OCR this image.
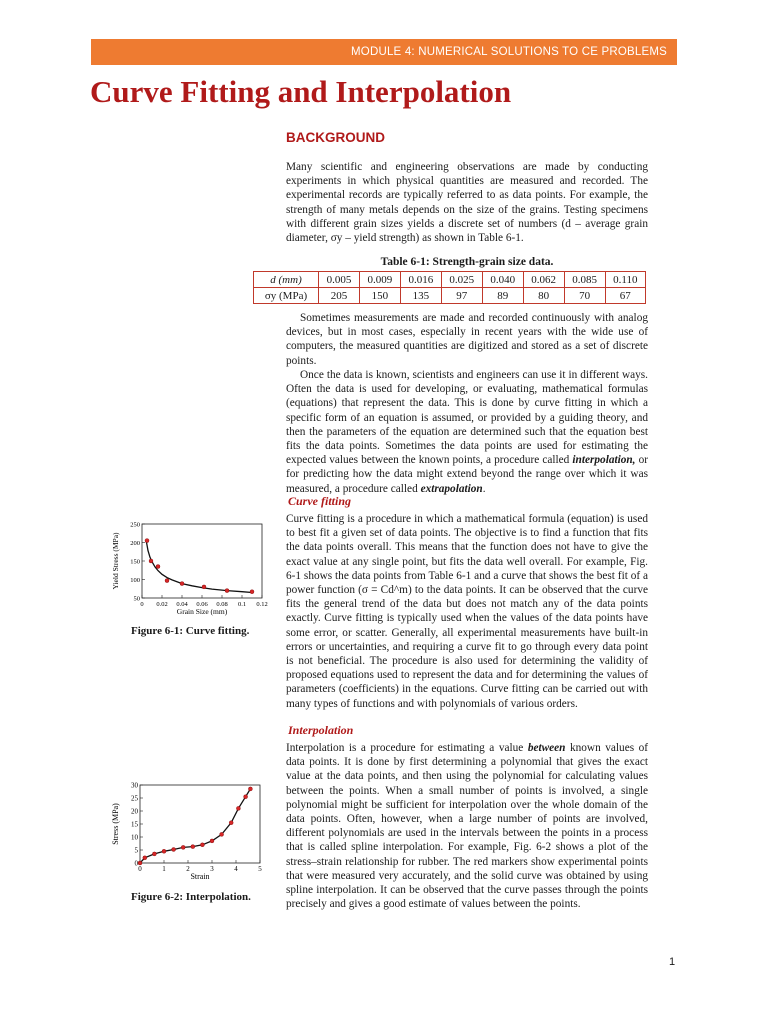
MODULE 4: NUMERICAL SOLUTIONS TO CE PROBLEMS
Curve Fitting and Interpolation
BACKGROUND

Many scientific and engineering observations are made by conducting experiments in which physical quantities are measured and recorded. The experimental records are typically referred to as data points. For example, the strength of many metals depends on the size of the grains. Testing specimens with different grain sizes yields a discrete set of numbers (d – average grain diameter, σy – yield strength) as shown in Table 6-1.

Table 6-1: Strength-grain size data.

d (mm)	0.005	0.009	0.016	0.025	0.040	0.062	0.085	0.110
σy (MPa)	205	150	135	97	89	80	70	67

Sometimes measurements are made and recorded continuously with analog devices, but in most cases, especially in recent years with the wide use of computers, the measured quantities are digitized and stored as a set of discrete points.

Once the data is known, scientists and engineers can use it in different ways. Often the data is used for developing, or evaluating, mathematical formulas (equations) that represent the data. This is done by curve fitting in which a specific form of an equation is assumed, or provided by a guiding theory, and then the parameters of the equation are determined such that the equation best fits the data points. Sometimes the data points are used for estimating the expected values between the known points, a procedure called interpolation, or for predicting how the data might extend beyond the range over which it was measured, a procedure called extrapolation.

Curve fitting

Curve fitting is a procedure in which a mathematical formula (equation) is used to best fit a given set of data points. The objective is to find a function that fits the data points overall. This means that the function does not have to give the exact value at any single point, but fits the data well overall. For example, Fig. 6-1 shows the data points from Table 6-1 and a curve that shows the best fit of a power function (σ = Cd^m) to the data points. It can be observed that the curve fits the general trend of the data but does not match any of the data points exactly. Curve fitting is typically used when the values of the data points have some error, or scatter. Generally, all experimental measurements have built-in errors or uncertainties, and requiring a curve fit to go through every data point is not beneficial. The procedure is also used for determining the validity of proposed equations used to represent the data and for determining the values of parameters (coefficients) in the equations. Curve fitting can be carried out with many types of functions and with polynomials of various orders.

Interpolation

Interpolation is a procedure for estimating a value between known values of data points. It is done by first determining a polynomial that gives the exact value at the data points, and then using the polynomial for calculating values between the points. When a small number of points is involved, a single polynomial might be sufficient for interpolation over the whole domain of the data points. Often, however, when a large number of points are involved, different polynomials are used in the intervals between the points in a process that is called spline interpolation. For example, Fig. 6-2 shows a plot of the stress–strain relationship for rubber. The red markers show experimental points that were measured very accurately, and the solid curve was obtained by using spline interpolation. It can be observed that the curve passes through the points precisely and gives a good estimate of values between the points.

0 0.02 0.04 0.06 0.08 0.1 0.12
50
100
150
200
250
Grain Size (mm)
Yield Stress (MPa)

Figure 6-1: Curve fitting.

0	1	2	3	4	5
0
5
10
15
20
25
30
Strain
Stress (MPa)

Figure 6-2: Interpolation.

1
